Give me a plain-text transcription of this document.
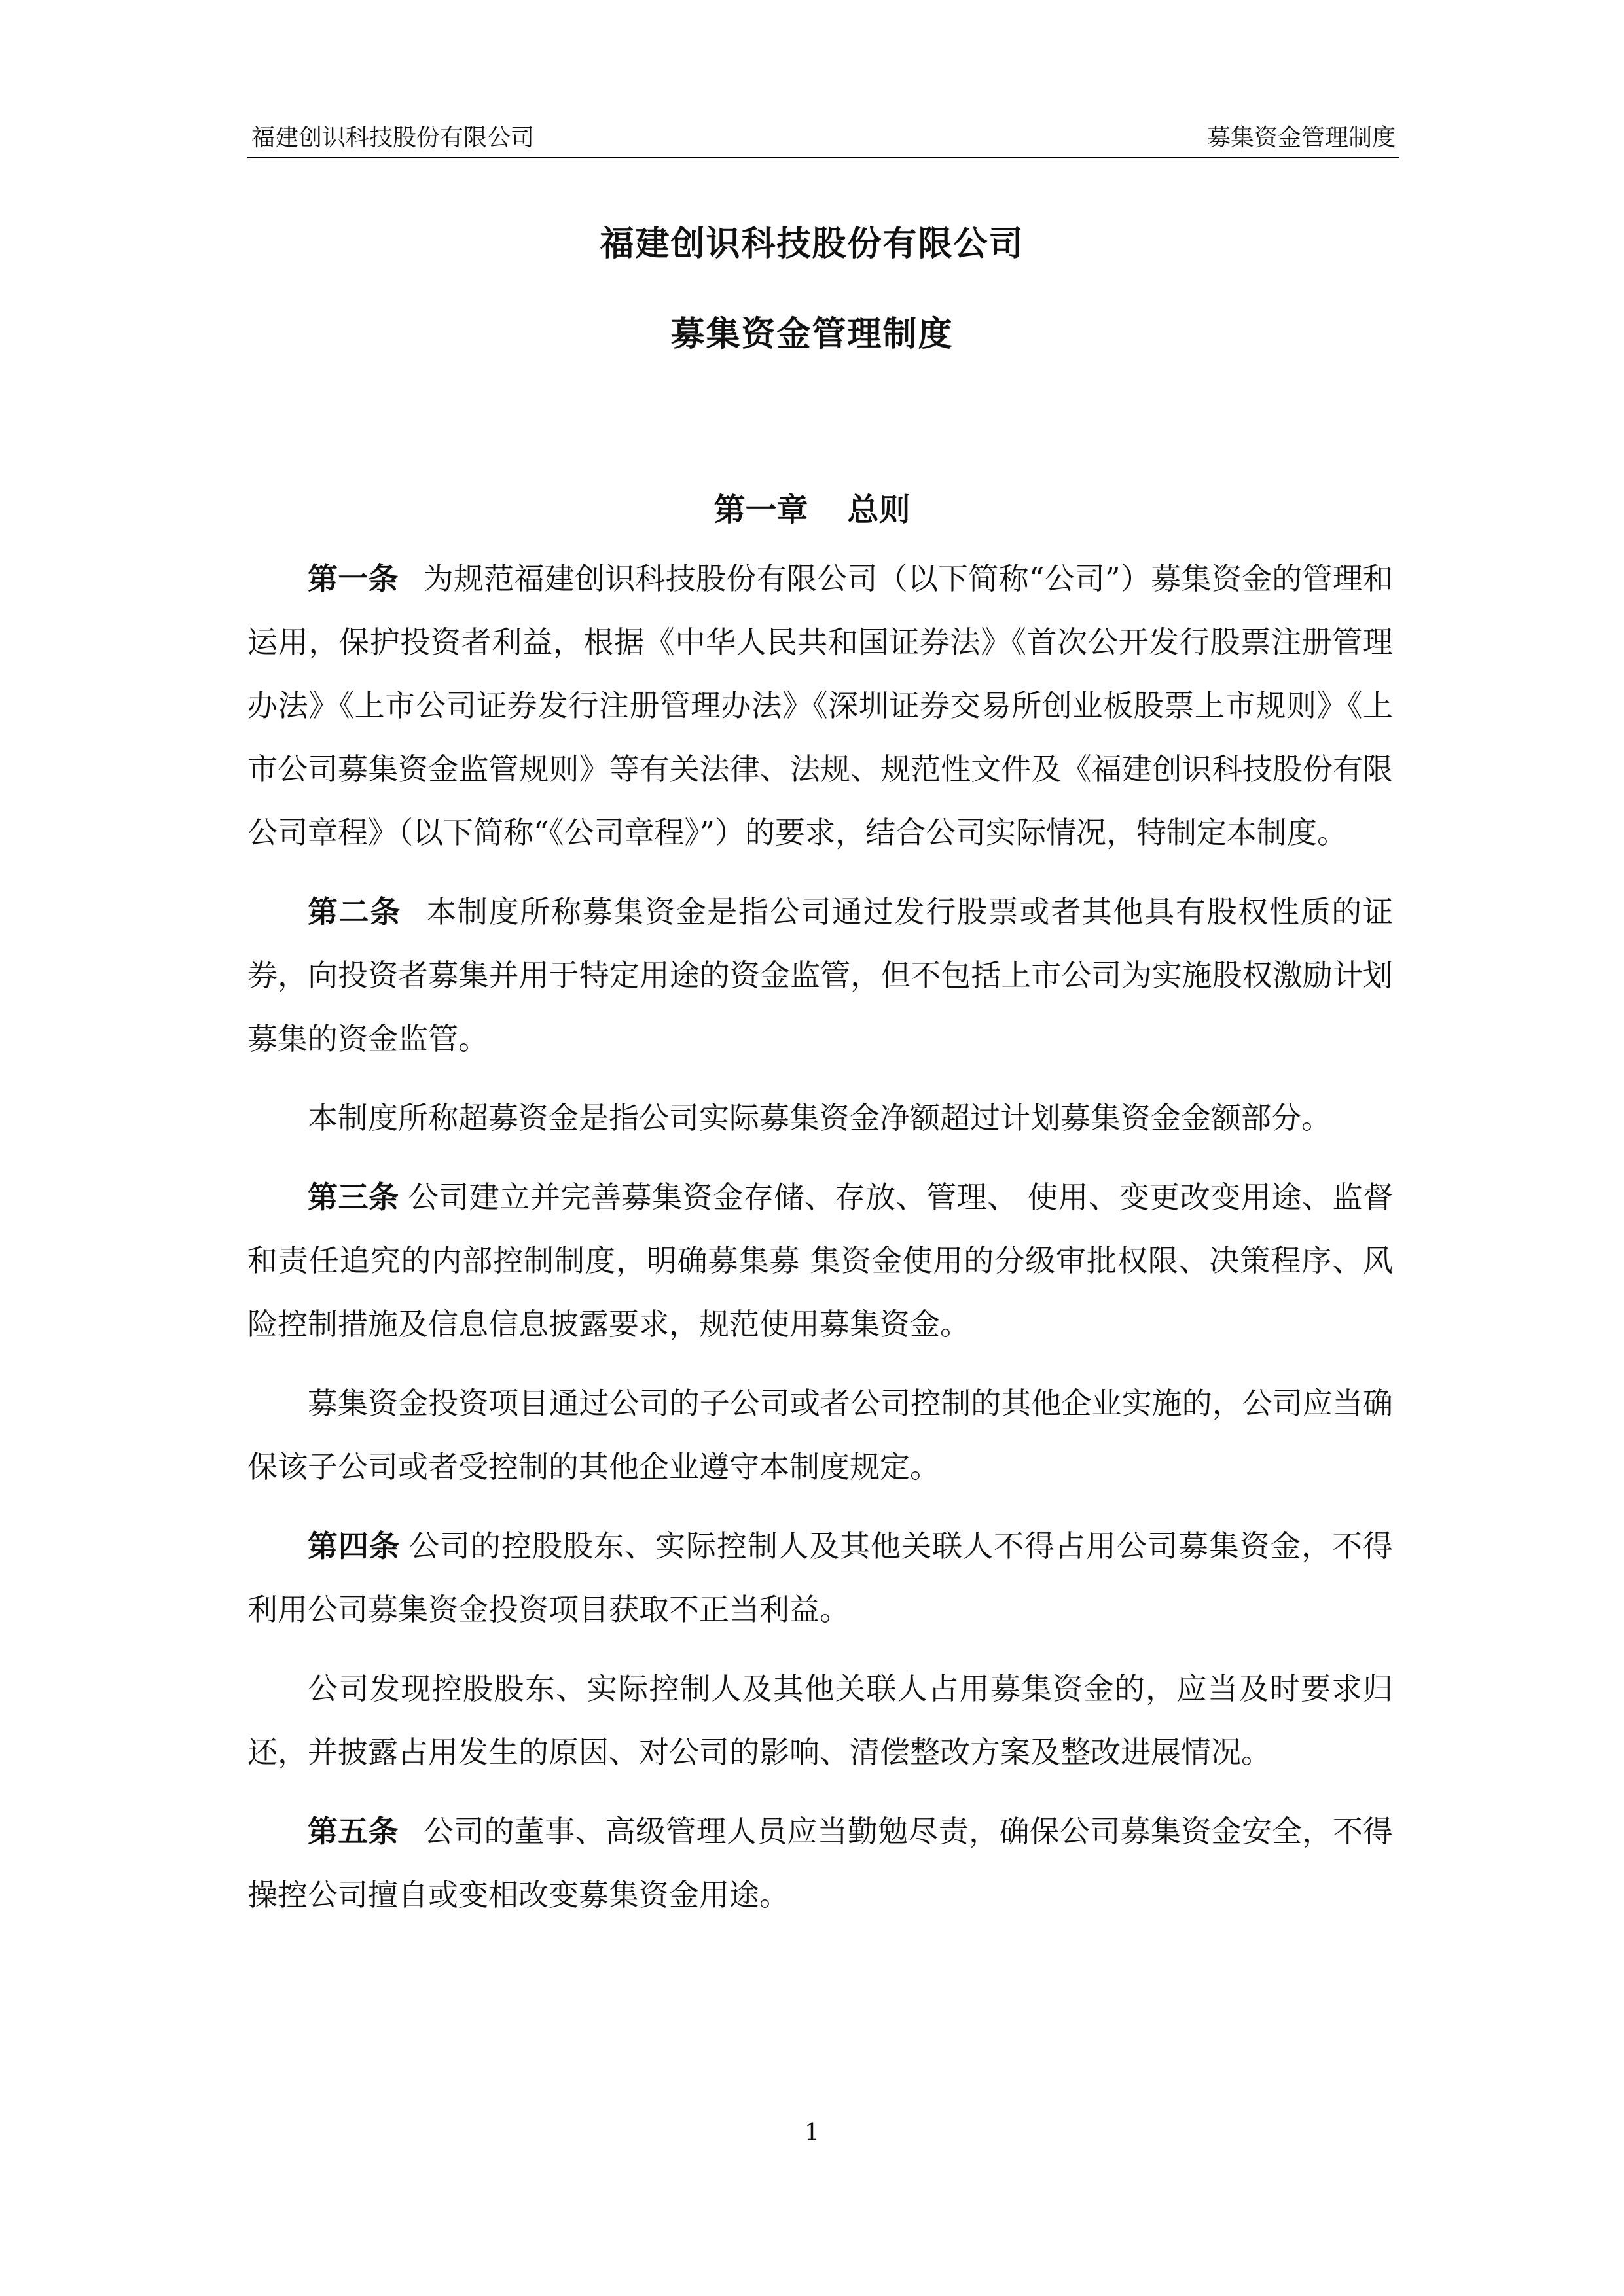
福建创识科技股份有限公司	募集资金管理制度
福建创识科技股份有限公司
募集资金管理制度
第一章 总则

第一条 为规范福建创识科技股份有限公司（以下简称“公司”）募集资金的管理和运用，保护投资者利益，根据《中华人民共和国证券法》《首次公开发行股票注册管理办法》《上市公司证券发行注册管理办法》《深圳证券交易所创业板股票上市规则》《上市公司募集资金监管规则》等有关法律、法规、规范性文件及《福建创识科技股份有限公司章程》（以下简称“《公司章程》”）的要求，结合公司实际情况，特制定本制度。

第二条 本制度所称募集资金是指公司通过发行股票或者其他具有股权性质的证券，向投资者募集并用于特定用途的资金监管，但不包括上市公司为实施股权激励计划募集的资金监管。

本制度所称超募资金是指公司实际募集资金净额超过计划募集资金金额部分。

第三条 公司建立并完善募集资金存储、存放、管理、 使用、变更改变用途、监督和责任追究的内部控制制度，明确募集募 集资金使用的分级审批权限、决策程序、风险控制措施及信息信息披露要求，规范使用募集资金。

募集资金投资项目通过公司的子公司或者公司控制的其他企业实施的，公司应当确保该子公司或者受控制的其他企业遵守本制度规定。

第四条 公司的控股股东、实际控制人及其他关联人不得占用公司募集资金，不得利用公司募集资金投资项目获取不正当利益。

公司发现控股股东、实际控制人及其他关联人占用募集资金的，应当及时要求归还，并披露占用发生的原因、对公司的影响、清偿整改方案及整改进展情况。

第五条 公司的董事、高级管理人员应当勤勉尽责，确保公司募集资金安全，不得操控公司擅自或变相改变募集资金用途。

1
